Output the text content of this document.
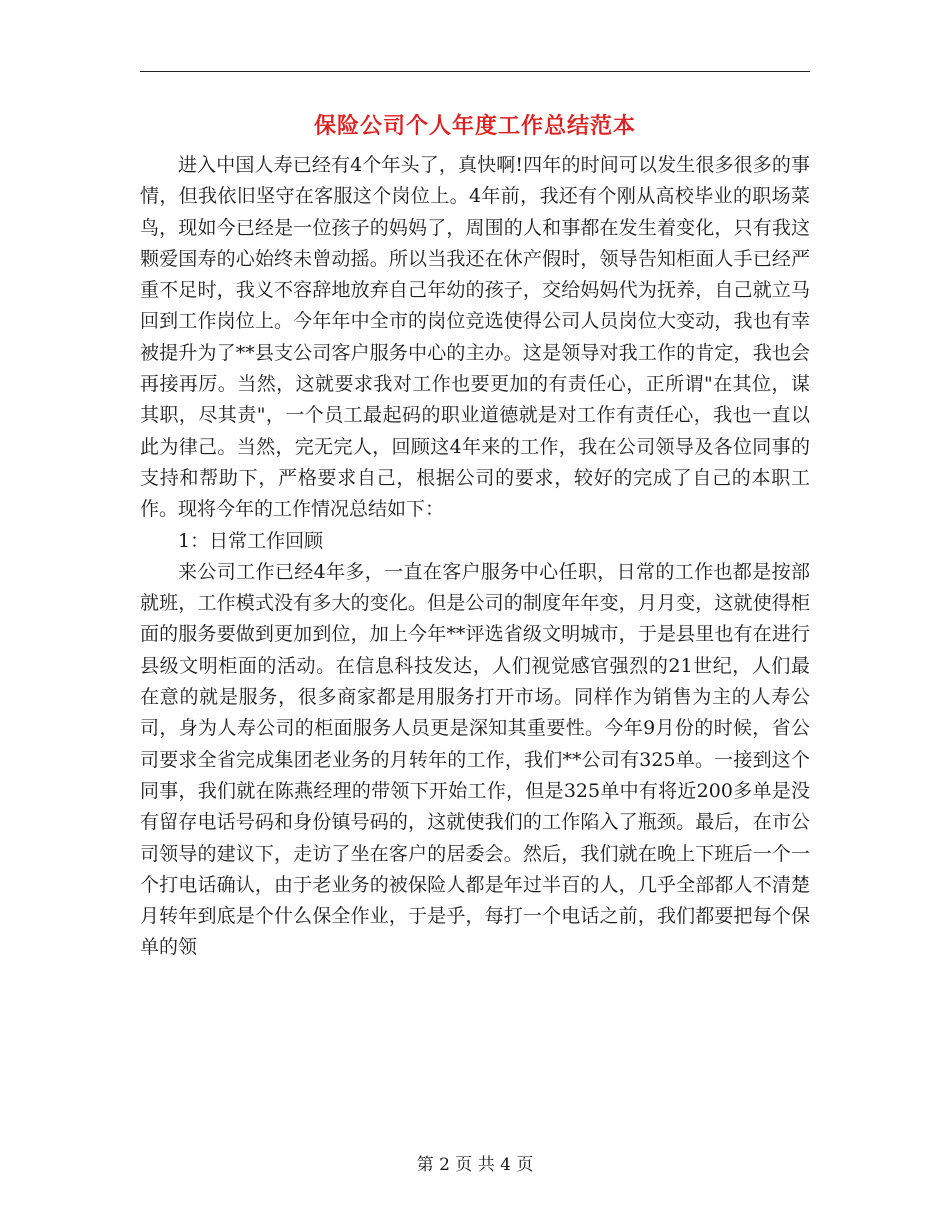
保险公司个人年度工作总结范本

进入中国人寿已经有4个年头了，真快啊!四年的时间可以发生很多很多的事情，但我依旧坚守在客服这个岗位上。4年前，我还有个刚从高校毕业的职场菜鸟，现如今已经是一位孩子的妈妈了，周围的人和事都在发生着变化，只有我这颗爱国寿的心始终未曾动摇。所以当我还在休产假时，领导告知柜面人手已经严重不足时，我义不容辞地放弃自己年幼的孩子，交给妈妈代为抚养，自己就立马回到工作岗位上。今年年中全市的岗位竞选使得公司人员岗位大变动，我也有幸被提升为了**县支公司客户服务中心的主办。这是领导对我工作的肯定，我也会再接再厉。当然，这就要求我对工作也要更加的有责任心，正所谓"在其位，谋其职，尽其责"，一个员工最起码的职业道德就是对工作有责任心，我也一直以此为律己。当然，完无完人，回顾这4年来的工作，我在公司领导及各位同事的支持和帮助下，严格要求自己，根据公司的要求，较好的完成了自己的本职工作。现将今年的工作情况总结如下：

1：日常工作回顾

来公司工作已经4年多，一直在客户服务中心任职，日常的工作也都是按部就班，工作模式没有多大的变化。但是公司的制度年年变，月月变，这就使得柜面的服务要做到更加到位，加上今年**评选省级文明城市，于是县里也有在进行县级文明柜面的活动。在信息科技发达，人们视觉感官强烈的21世纪，人们最在意的就是服务，很多商家都是用服务打开市场。同样作为销售为主的人寿公司，身为人寿公司的柜面服务人员更是深知其重要性。今年9月份的时候，省公司要求全省完成集团老业务的月转年的工作，我们**公司有325单。一接到这个同事，我们就在陈燕经理的带领下开始工作，但是325单中有将近200多单是没有留存电话号码和身份镇号码的，这就使我们的工作陷入了瓶颈。最后，在市公司领导的建议下，走访了坐在客户的居委会。然后，我们就在晚上下班后一个一个打电话确认，由于老业务的被保险人都是年过半百的人，几乎全部都人不清楚月转年到底是个什么保全作业，于是乎，每打一个电话之前，我们都要把每个保单的领

第 2 页 共 4 页
